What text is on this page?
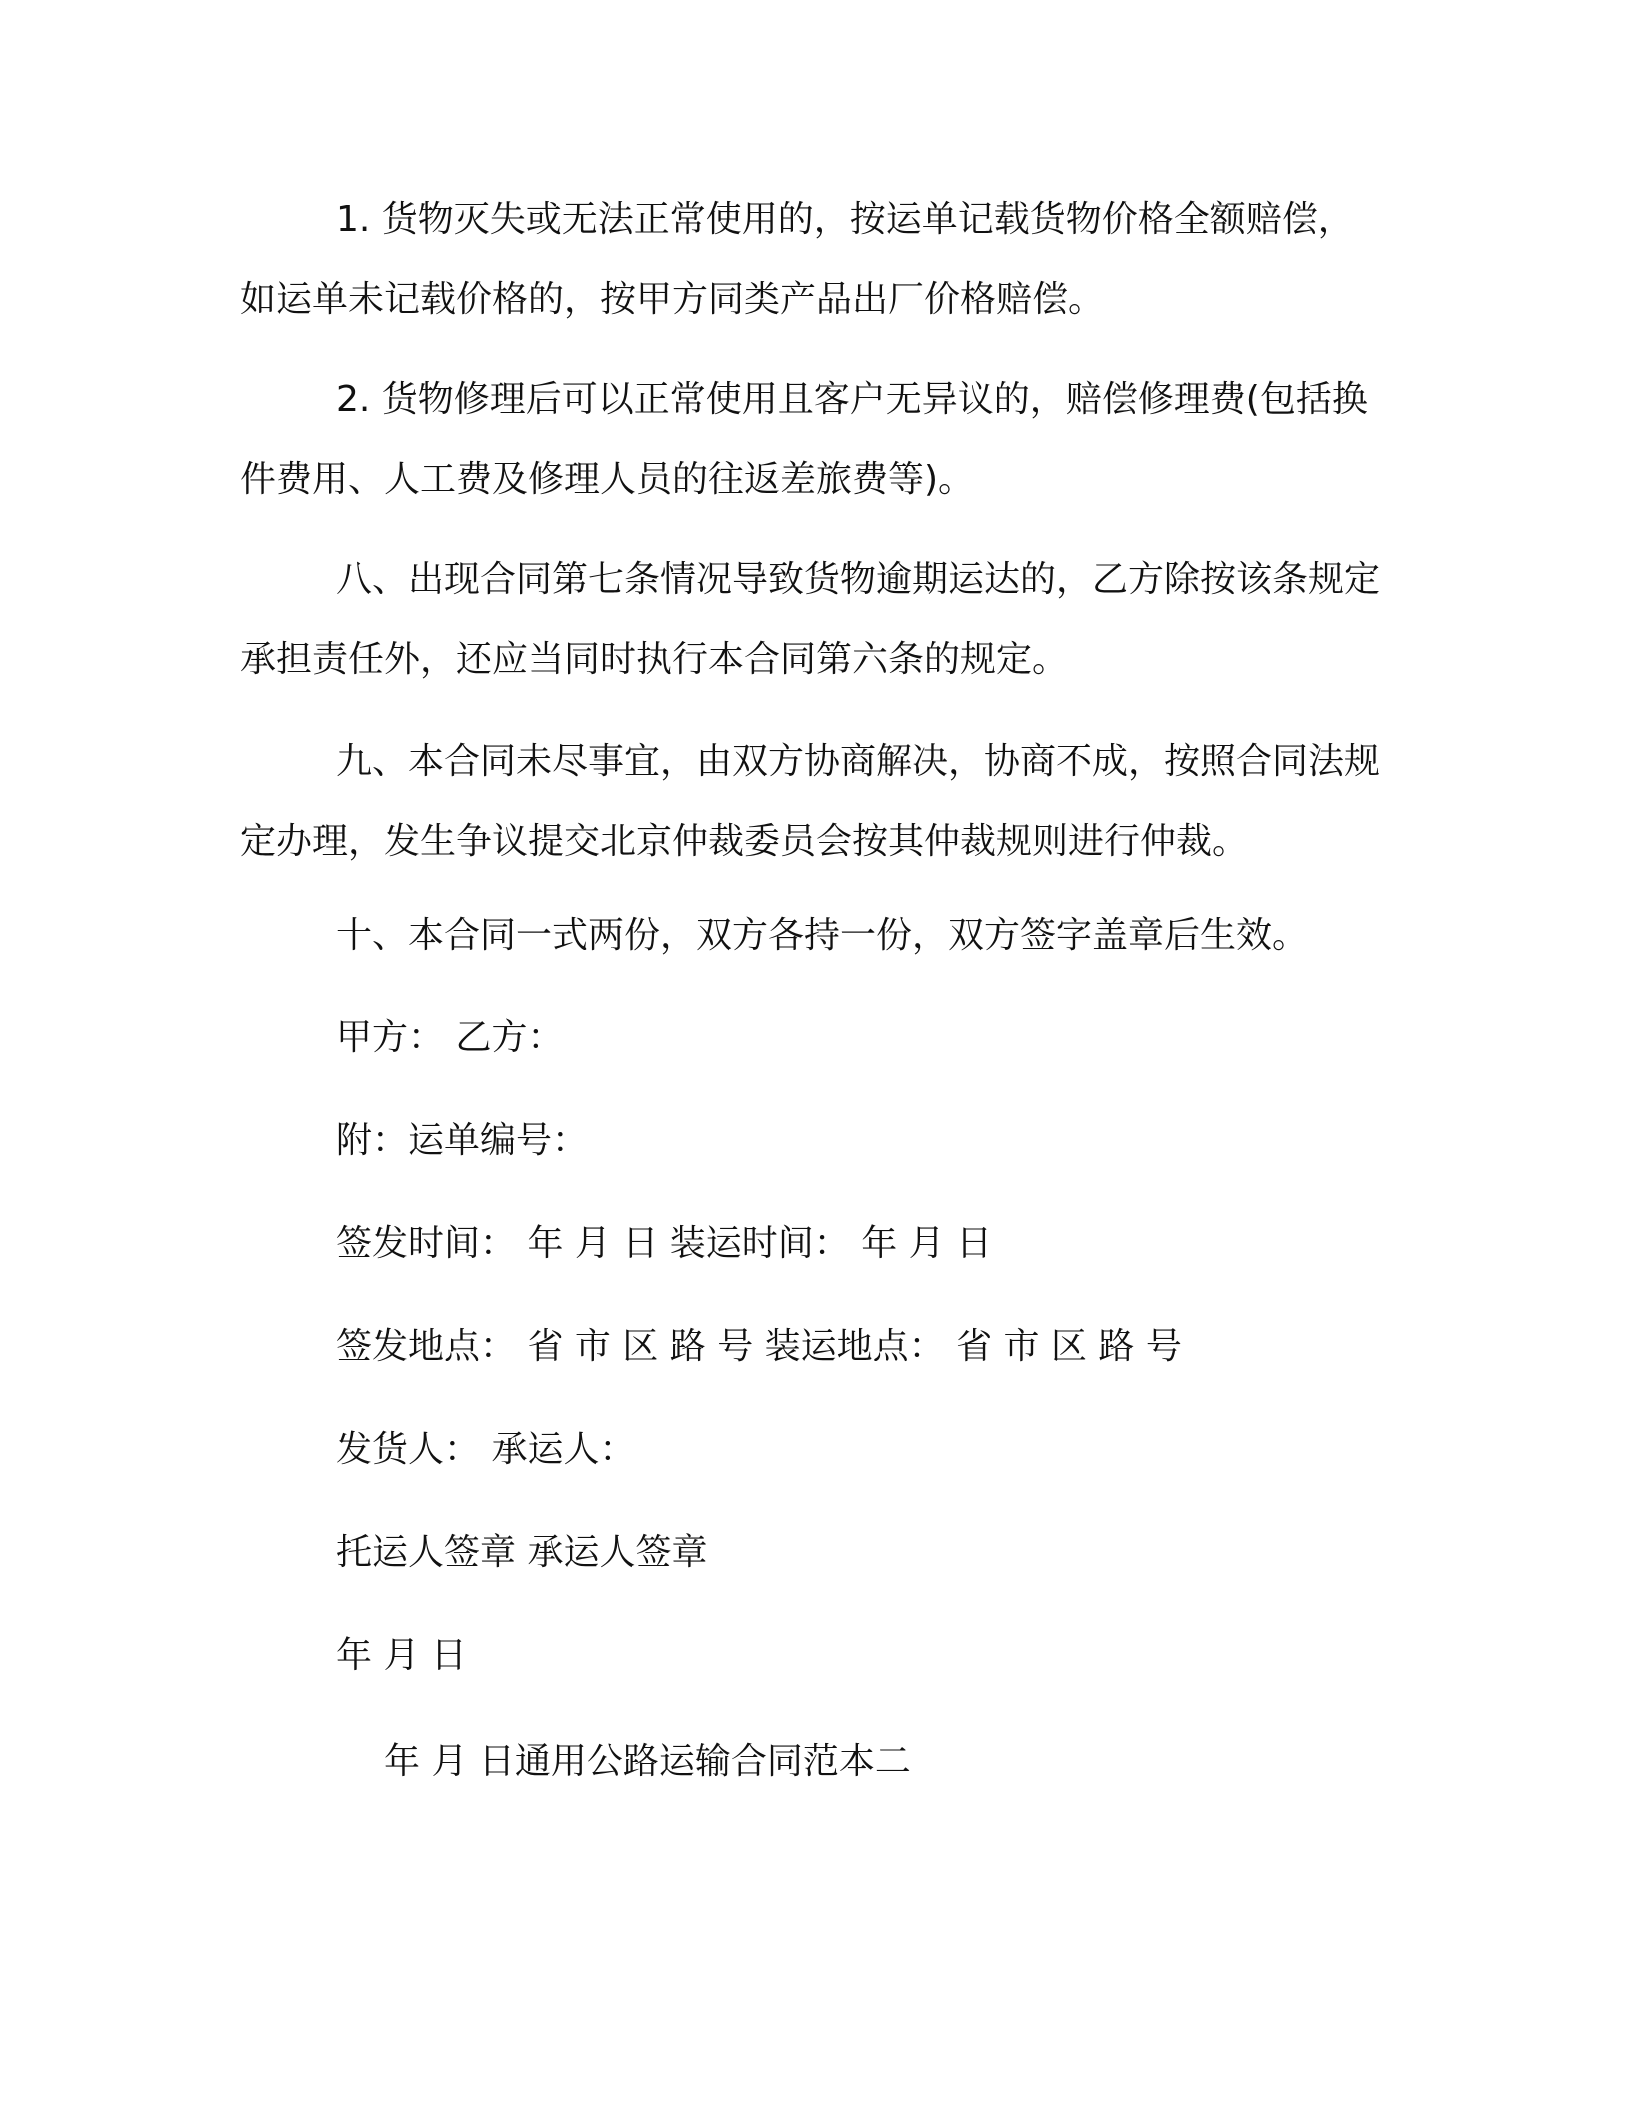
1. 货物灭失或无法正常使用的，按运单记载货物价格全额赔偿，如运单未记载价格的，按甲方同类产品出厂价格赔偿。

2. 货物修理后可以正常使用且客户无异议的，赔偿修理费(包括换件费用、人工费及修理人员的往返差旅费等)。

八、出现合同第七条情况导致货物逾期运达的，乙方除按该条规定承担责任外，还应当同时执行本合同第六条的规定。

九、本合同未尽事宜，由双方协商解决，协商不成，按照合同法规定办理，发生争议提交北京仲裁委员会按其仲裁规则进行仲裁。

十、本合同一式两份，双方各持一份，双方签字盖章后生效。

甲方： 乙方：

附：运单编号：

签发时间： 年 月 日 装运时间： 年 月 日

签发地点： 省 市 区 路 号 装运地点： 省 市 区 路 号

发货人： 承运人：

托运人签章 承运人签章

年 月 日

年 月 日通用公路运输合同范本二
